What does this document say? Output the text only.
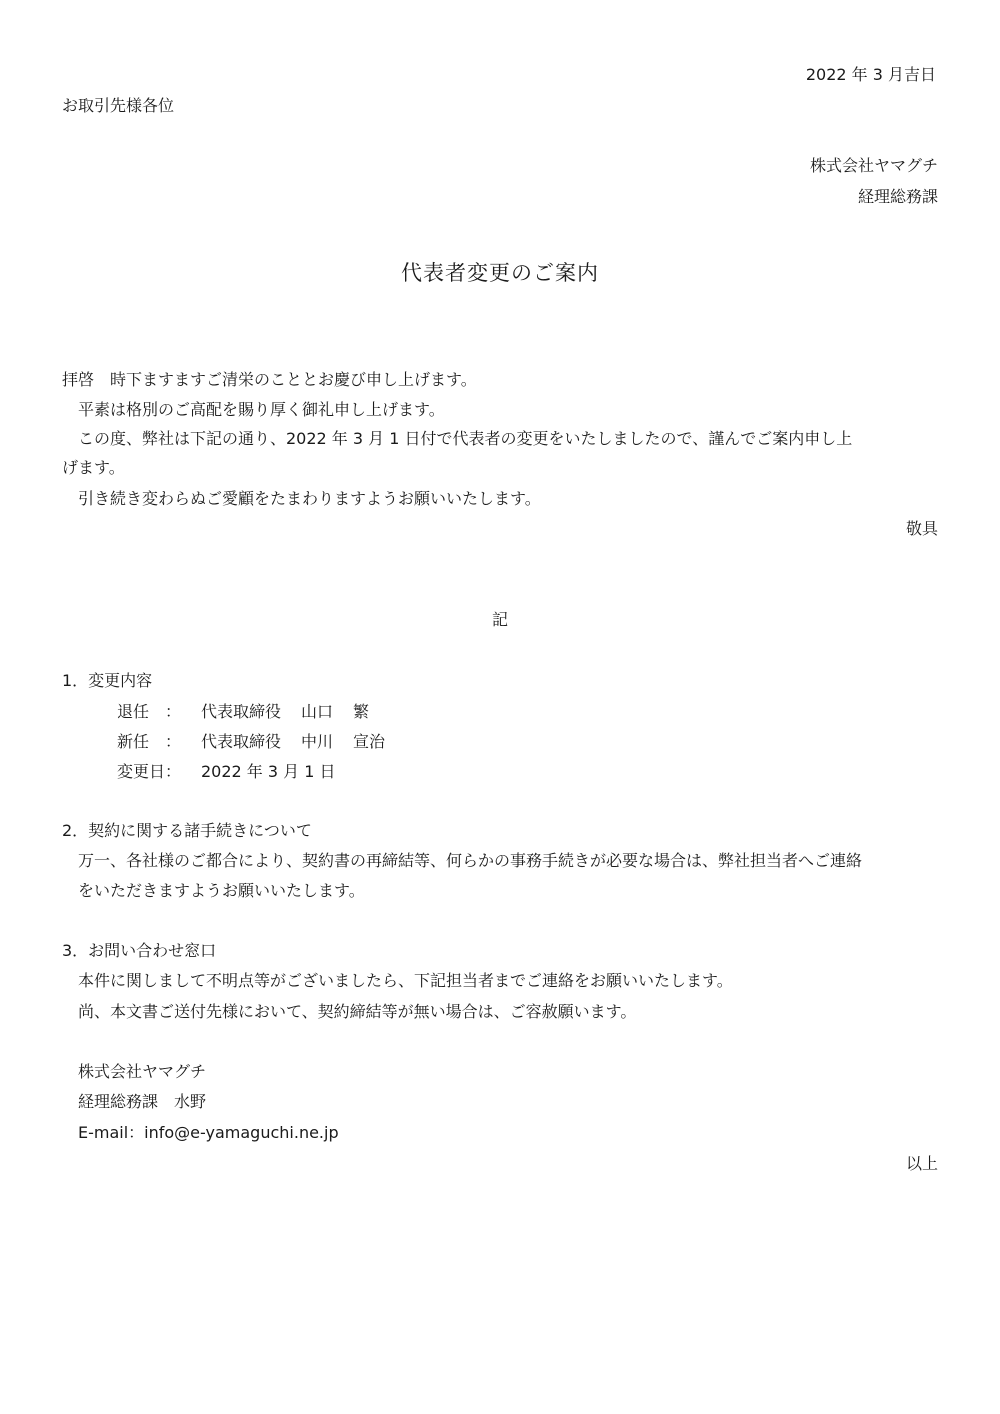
2022 年 3 月吉日
お取引先様各位
株式会社ヤマグチ
経理総務課
代表者変更のご案内
拝啓　時下ますますご清栄のこととお慶び申し上げます。
平素は格別のご高配を賜り厚く御礼申し上げます。
この度、弊社は下記の通り、2022 年 3 月 1 日付で代表者の変更をいたしましたので、謹んでご案内申し上
げます。
引き続き変わらぬご愛顧をたまわりますようお願いいたします。
敬具
記
1．変更内容
退任　： 代表取締役 山口 繁
新任　： 代表取締役 中川 宣治
変更日： 2022 年 3 月 1 日
2．契約に関する諸手続きについて
万一、各社様のご都合により、契約書の再締結等、何らかの事務手続きが必要な場合は、弊社担当者へご連絡
をいただきますようお願いいたします。
3．お問い合わせ窓口
本件に関しまして不明点等がございましたら、下記担当者までご連絡をお願いいたします。
尚、本文書ご送付先様において、契約締結等が無い場合は、ご容赦願います。
株式会社ヤマグチ
経理総務課　水野
E-mail：info@e-yamaguchi.ne.jp
以上
